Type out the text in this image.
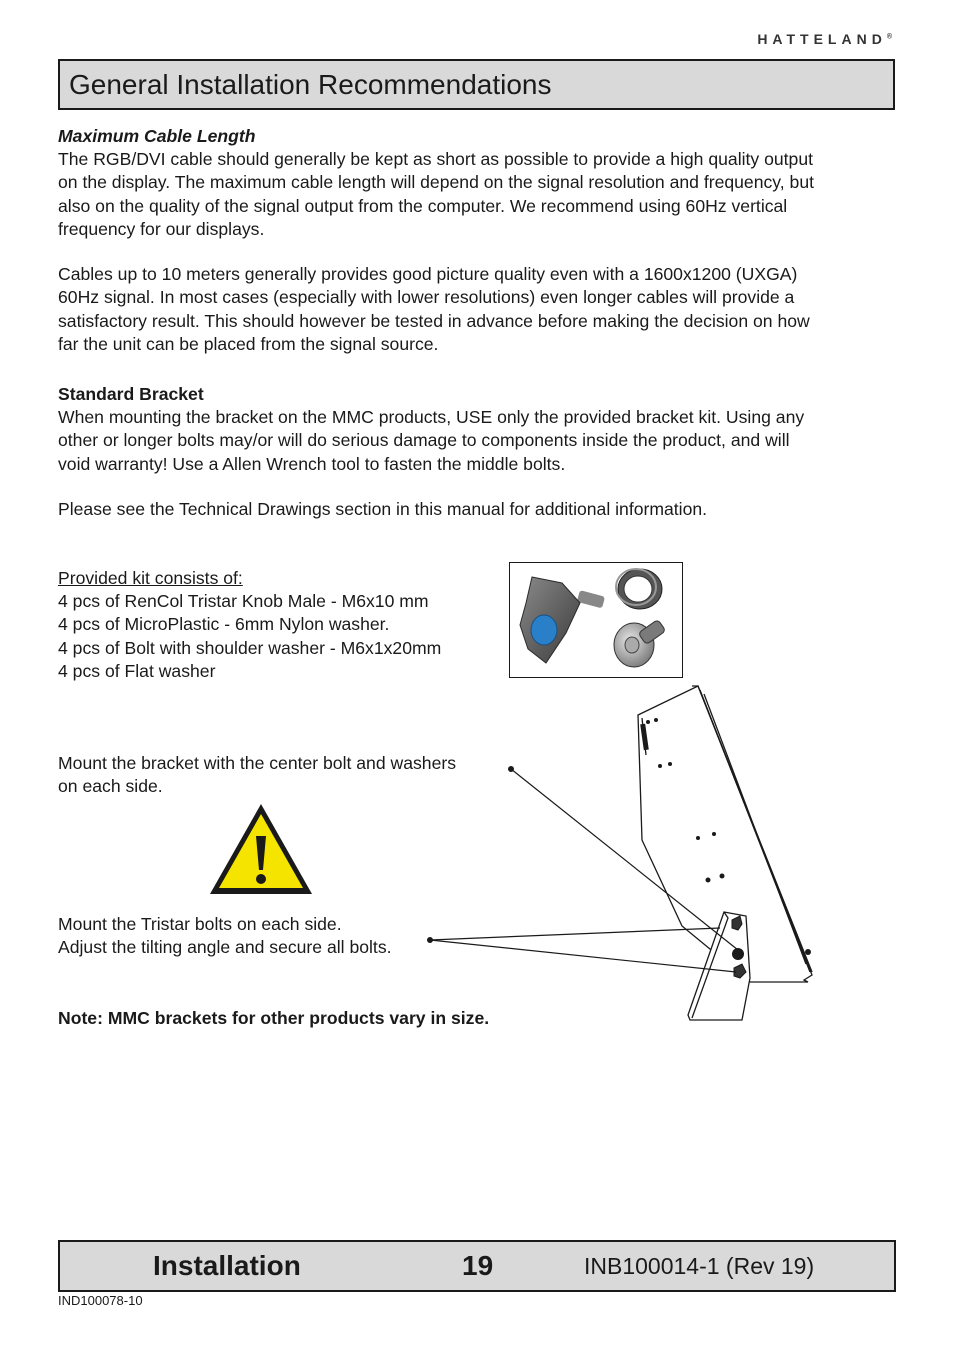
HATTELAND®
General Installation Recommendations
Maximum Cable Length
The RGB/DVI cable should generally be kept as short as possible to provide a high quality output
on the display. The maximum cable length will depend on the signal resolution and frequency, but
also on the quality of the signal output from the computer. We recommend using 60Hz vertical
frequency for our displays.
Cables up to 10 meters generally provides good picture quality even with a 1600x1200 (UXGA)
60Hz signal. In most cases (especially with lower resolutions) even longer cables will provide a
satisfactory result. This should however be tested in advance before making the decision on how
far the unit can be placed from the signal source.
Standard Bracket
When mounting the bracket on the MMC products, USE only the provided bracket kit. Using any
other or longer bolts may/or will do serious damage to components inside the product, and will
void warranty! Use a Allen Wrench tool to fasten the middle bolts.
Please see the Technical Drawings section in this manual for additional information.
Provided kit consists of:
4 pcs of RenCol Tristar Knob Male - M6x10 mm
4 pcs of MicroPlastic - 6mm Nylon washer.
4 pcs of Bolt with shoulder washer - M6x1x20mm
4 pcs of Flat washer
Mount the bracket with the center bolt and washers
on each side.
Mount the Tristar bolts on each side.
Adjust the tilting angle and secure all bolts.
Note: MMC brackets for other products vary in size.
Installation	19	INB100014-1 (Rev 19)
IND100078-10
